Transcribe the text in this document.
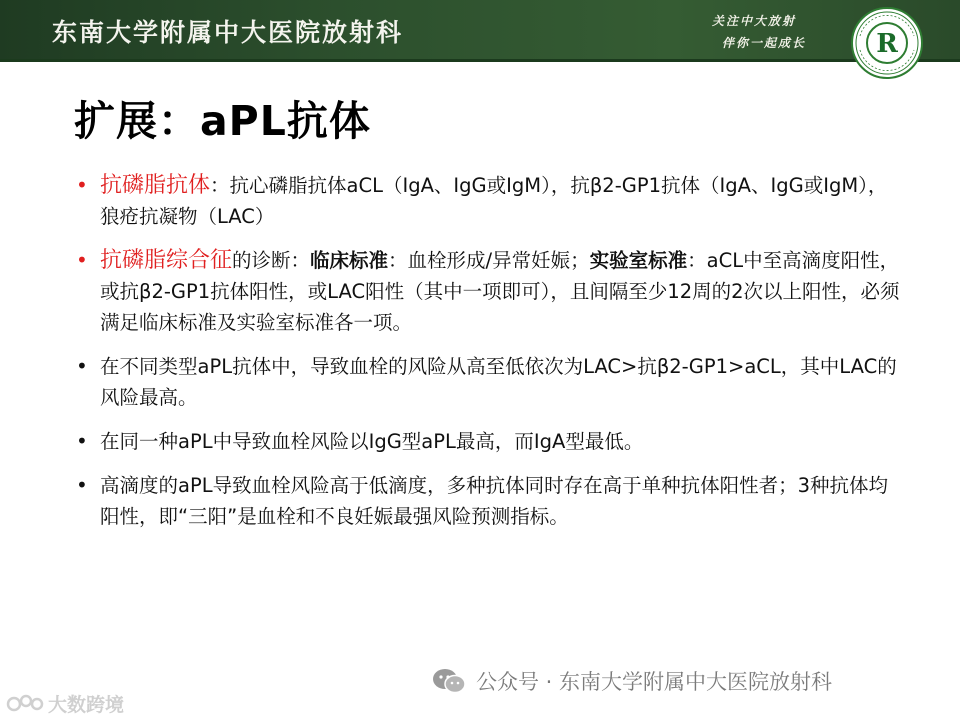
东南大学附属中大医院放射科	关注中大放射
伴你一起成长	R
扩展：aPL抗体
• 抗磷脂抗体：抗心磷脂抗体aCL（IgA、IgG或IgM），抗β2-GP1抗体（IgA、IgG或IgM）， 狼疮抗凝物（LAC）
• 抗磷脂综合征的诊断：临床标准：血栓形成/异常妊娠；实验室标准：aCL中至高滴度阳性，或抗β2-GP1抗体阳性，或LAC阳性（其中一项即可），且间隔至少12周的2次以上阳性，必须满足临床标准及实验室标准各一项。
• 在不同类型aPL抗体中，导致血栓的风险从高至低依次为LAC>抗β2-GP1>aCL，其中LAC的风险最高。
• 在同一种aPL中导致血栓风险以IgG型aPL最高，而IgA型最低。
• 高滴度的aPL导致血栓风险高于低滴度，多种抗体同时存在高于单种抗体阳性者；3种抗体均阳性，即“三阳”是血栓和不良妊娠最强风险预测指标。
公众号 · 东南大学附属中大医院放射科
大数跨境
